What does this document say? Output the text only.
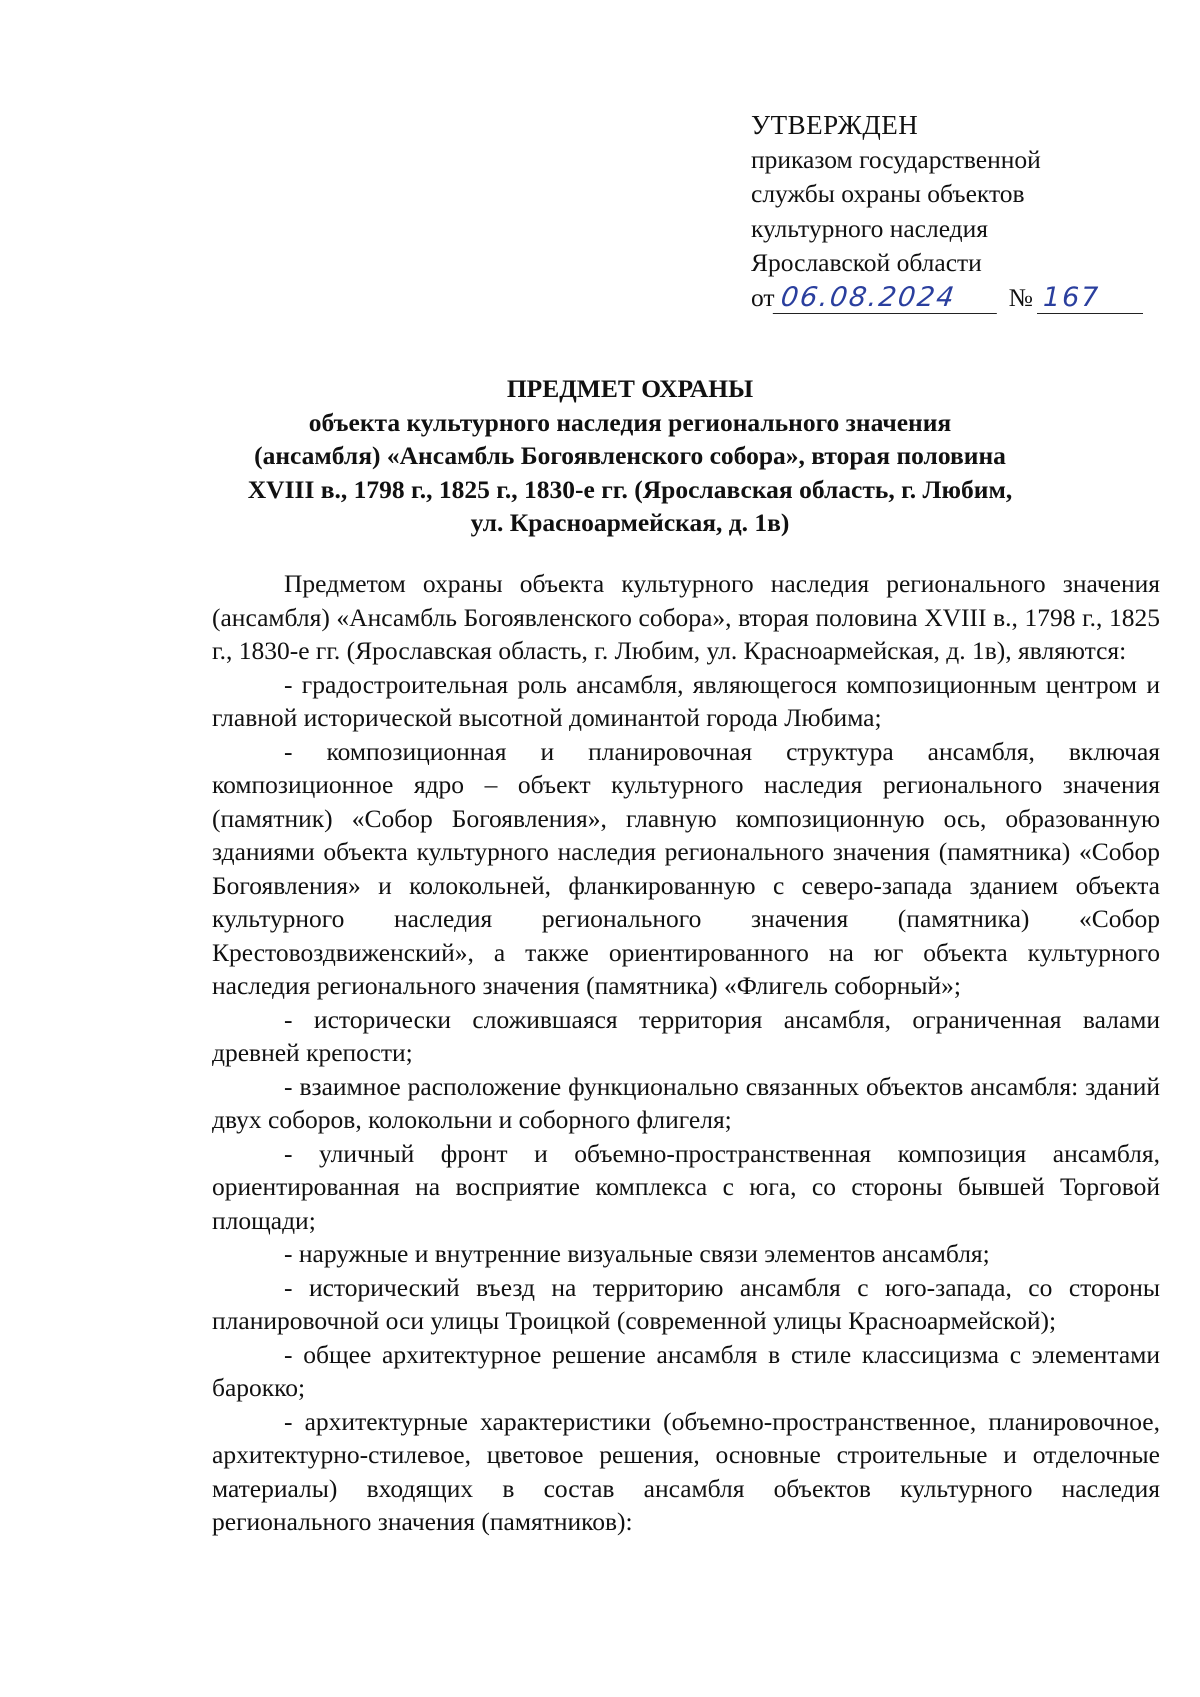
УТВЕРЖДЕН
приказом государственной
службы охраны объектов
культурного наследия
Ярославской области
от 06.08.2024 № 167
ПРЕДМЕТ ОХРАНЫ
объекта культурного наследия регионального значения
(ансамбля) «Ансамбль Богоявленского собора», вторая половина
XVIII в., 1798 г., 1825 г., 1830-е гг. (Ярославская область, г. Любим,
ул. Красноармейская, д. 1в)

Предметом охраны объекта культурного наследия регионального значения (ансамбля) «Ансамбль Богоявленского собора», вторая половина XVIII в., 1798 г., 1825 г., 1830-е гг. (Ярославская область, г. Любим, ул. Красноармейская, д. 1в), являются:

- градостроительная роль ансамбля, являющегося композиционным центром и главной исторической высотной доминантой города Любима;

- композиционная и планировочная структура ансамбля, включая композиционное ядро – объект культурного наследия регионального значения (памятник) «Собор Богоявления», главную композиционную ось, образованную зданиями объекта культурного наследия регионального значения (памятника) «Собор Богоявления» и колокольней, фланкированную с северо-запада зданием объекта культурного наследия регионального значения (памятника) «Собор Крестовоздвиженский», а также ориентированного на юг объекта культурного наследия регионального значения (памятника) «Флигель соборный»;

- исторически сложившаяся территория ансамбля, ограниченная валами древней крепости;

- взаимное расположение функционально связанных объектов ансамбля: зданий двух соборов, колокольни и соборного флигеля;

- уличный фронт и объемно-пространственная композиция ансамбля, ориентированная на восприятие комплекса с юга, со стороны бывшей Торговой площади;

- наружные и внутренние визуальные связи элементов ансамбля;

- исторический въезд на территорию ансамбля с юго-запада, со стороны планировочной оси улицы Троицкой (современной улицы Красноармейской);

- общее архитектурное решение ансамбля в стиле классицизма с элементами барокко;

- архитектурные характеристики (объемно-пространственное, планировочное, архитектурно-стилевое, цветовое решения, основные строительные и отделочные материалы) входящих в состав ансамбля объектов культурного наследия регионального значения (памятников):
